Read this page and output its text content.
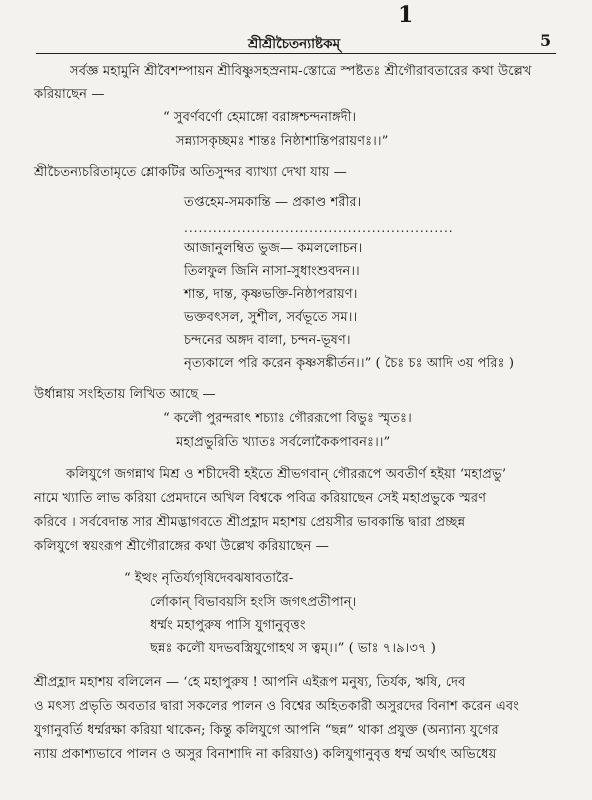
1
শ্রীশ্রীচৈতন্যাষ্টকম্‌	5
সর্বজ্ঞ মহামুনি শ্রীবৈশম্পায়ন শ্রীবিষ্ণুসহস্রনাম-স্তোত্রে স্পষ্টতঃ শ্রীগৌরাবতারের কথা উল্লেখ
করিয়াছেন —
“ সুবর্ণবর্ণো হেমাঙ্গো বরাঙ্গশ্চন্দনাঙ্গদী।
সন্ন্যাসকৃচ্ছমঃ শান্তঃ নিষ্ঠাশান্তিপরায়ণঃ।।”
শ্রীচৈতন্যচরিতামৃতে শ্লোকটির অতিসুন্দর ব্যাখ্যা দেখা যায় —
তপ্তহেম-সমকান্তি — প্রকাণ্ড শরীর।
........................................................
আজানুলম্বিত ভুজ— কমললোচন।
তিলফুল জিনি নাসা-সুধাংশুবদন।।
শান্ত, দান্ত, কৃষ্ণভক্তি-নিষ্ঠাপরায়ণ।
ভক্তবৎসল, সুশীল, সর্বভূতে সম।।
চন্দনের অঙ্গদ বালা, চন্দন-ভূষণ।
নৃত্যকালে পরি করেন কৃষ্ণসঙ্কীর্তন।।” ( চৈঃ চঃ আদি ৩য় পরিঃ )
উর্ধান্নায় সংহিতায় লিখিত আছে —
“ কলৌ পুরন্দরাৎ শচ্যাঃ গৌররূপো বিভুঃ স্মৃতঃ।
মহাপ্রভুরিতি খ্যাতঃ সর্বলোকৈকপাবনঃ।।”
কলিযুগে জগন্নাথ মিশ্র ও শচীদেবী হইতে শ্রীভগবান্‌ গৌররূপে অবতীর্ণ হইয়া ‘মহাপ্রভু’
নামে খ্যাতি লাভ করিয়া প্রেমদানে অখিল বিশ্বকে পবিত্র করিয়াছেন সেই মহাপ্রভুকে স্মরণ
করিবে । সর্ববেদান্ত সার শ্রীমদ্ভাগবতে শ্রীপ্রহ্লাদ মহাশয় প্রেয়সীর ভাবকান্তি দ্বারা প্রচ্ছন্ন
কলিযুগে স্বয়ংরূপ শ্রীগৌরাঙ্গের কথা উল্লেখ করিয়াছেন —
“ ইত্থং নৃতির্য্যগৃষিদেবঝষাবতারৈ-
র্লোকান্‌ বিভাবয়সি হংসি জগৎপ্রতীপান্‌।
ধর্ম্মং মহাপুরুষ পাসি যুগানুবৃত্তং
ছন্নঃ কলৌ যদভবস্ত্রিযুগোহথ স ত্বম্‌।।” ( ভাঃ ৭।৯।৩৭ )
শ্রীপ্রহ্লাদ মহাশয় বলিলেন — ‘হে মহাপুরুষ ! আপনি এইরূপ মনুষ্য, তির্যক, ঋষি, দেব
ও মৎস্য প্রভৃতি অবতার দ্বারা সকলের পালন ও বিশ্বের অহিতকারী অসুরদের বিনাশ করেন এবং
যুগানুবর্তি ধর্ম্মরক্ষা করিয়া থাকেন; কিন্তু কলিযুগে আপনি “ছন্ন” থাকা প্রযুক্ত (অন্যান্য যুগের
ন্যায় প্রকাশ্যভাবে পালন ও অসুর বিনাশাদি না করিয়াও) কলিযুগানুবৃত্ত ধর্ম্ম অর্থাৎ অভিধেয়
